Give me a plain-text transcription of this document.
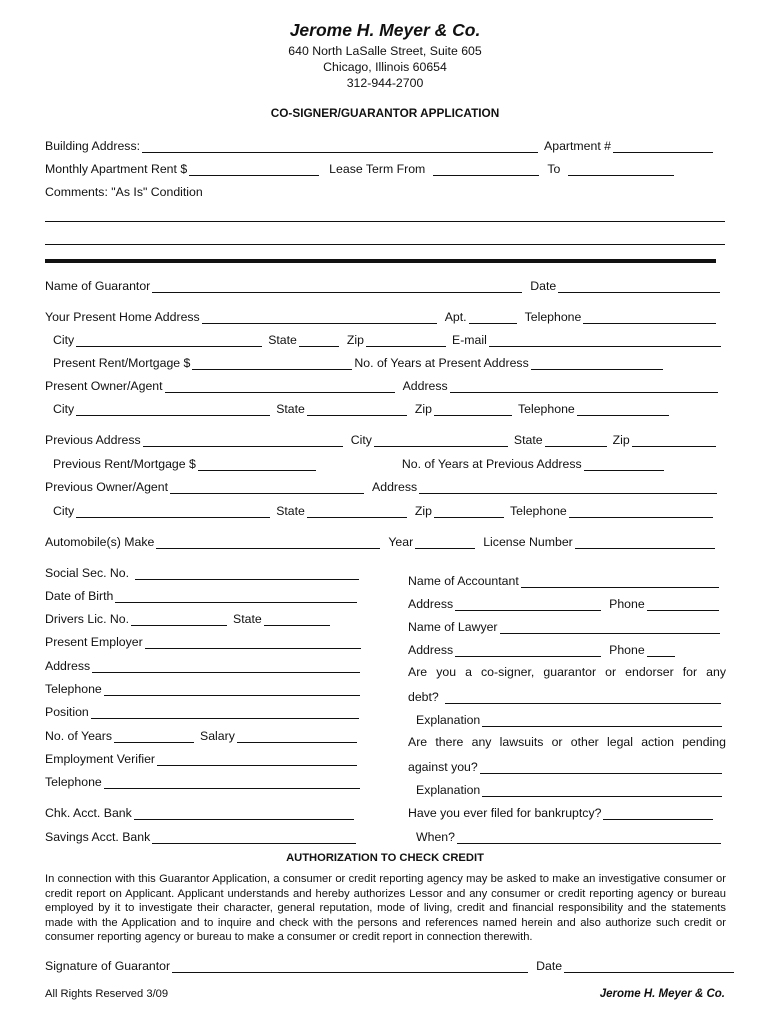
Jerome H. Meyer & Co.
640 North LaSalle Street, Suite 605
Chicago, Illinois 60654
312-944-2700
CO-SIGNER/GUARANTOR APPLICATION
Building Address:	Apartment #
Monthly Apartment Rent $	Lease Term From	To
Comments: "As Is" Condition
Name of Guarantor	Date
Your Present Home Address	Apt.	Telephone
City	State	Zip	E-mail
Present Rent/Mortgage $	No. of Years at Present Address
Present Owner/Agent	Address
City	State	Zip	Telephone
Previous Address	City	State	Zip
Previous Rent/Mortgage $	No. of Years at Previous Address
Previous Owner/Agent	Address
City	State	Zip	Telephone
Automobile(s) Make	Year	License Number
Social Sec. No.
Date of Birth
Drivers Lic. No.	State
Present Employer
Address
Telephone
Position
No. of Years	Salary
Employment Verifier
Telephone
Chk. Acct. Bank
Savings Acct. Bank
Name of Accountant
Address	Phone
Name of Lawyer
Address	Phone
Are you a co-signer, guarantor or endorser for any
debt?
Explanation
Are there any lawsuits or other legal action pending
against you?
Explanation
Have you ever filed for bankruptcy?
When?
AUTHORIZATION TO CHECK CREDIT
In connection with this Guarantor Application, a consumer or credit reporting agency may be asked to make an investigative consumer or credit report on Applicant. Applicant understands and hereby authorizes Lessor and any consumer or credit reporting agency or bureau employed by it to investigate their character, general reputation, mode of living, credit and financial responsibility and the statements made with the Application and to inquire and check with the persons and references named herein and also authorize such credit or consumer reporting agency or bureau to make a consumer or credit report in connection therewith.
Signature of Guarantor	Date
All Rights Reserved 3/09	Jerome H. Meyer & Co.
